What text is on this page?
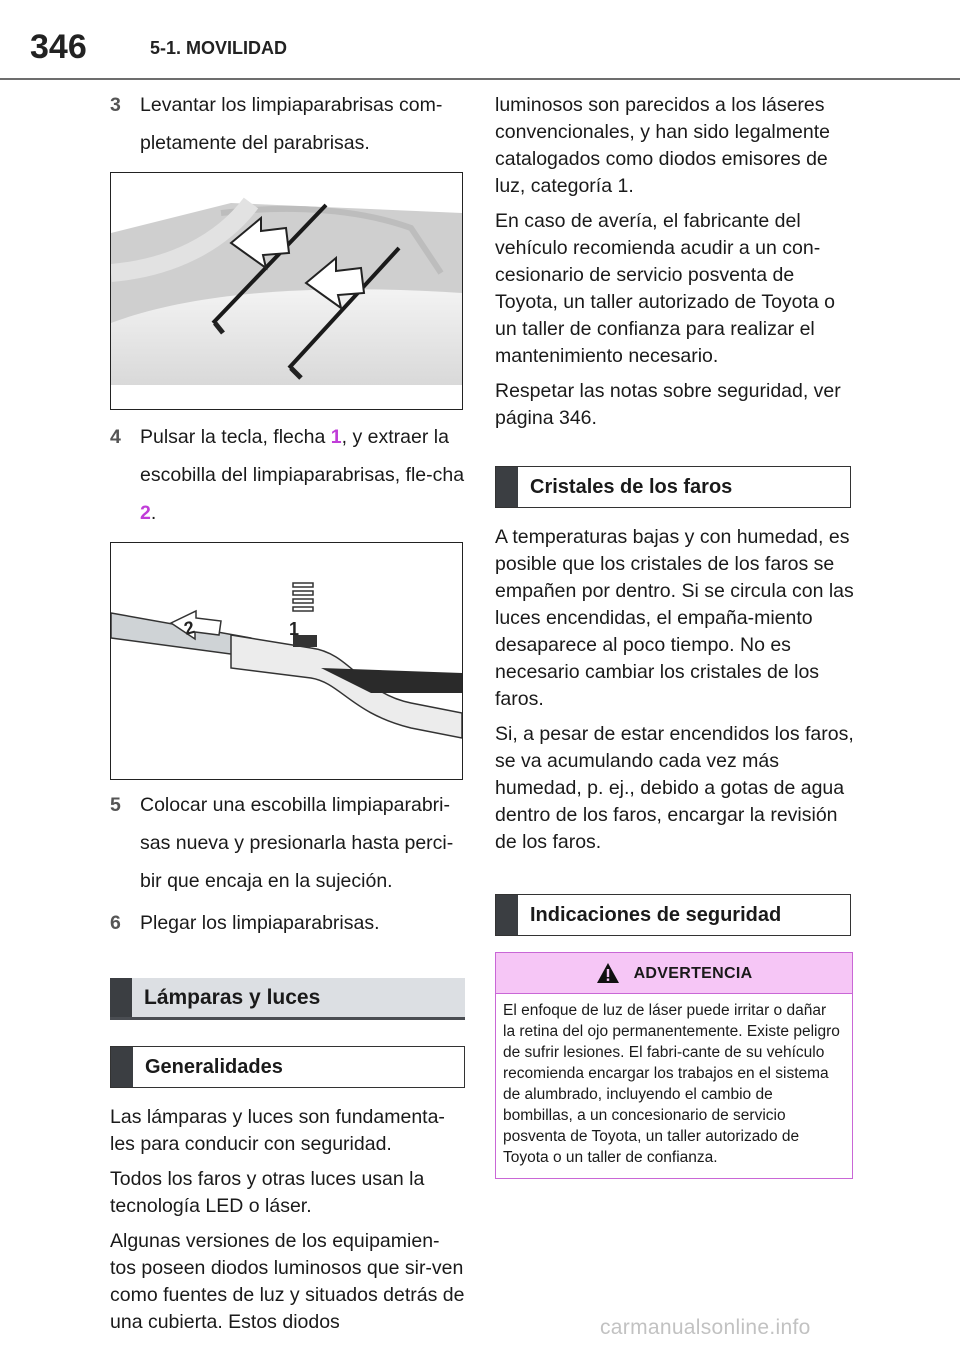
346	5-1. MOVILIDAD
3 Levantar los limpiaparabrisas com-pletamente del parabrisas.
4 Pulsar la tecla, flecha 1, y extraer la escobilla del limpiaparabrisas, fle-cha 2.
1
2
5 Colocar una escobilla limpiaparabri-sas nueva y presionarla hasta perci-bir que encaja en la sujeción.
6 Plegar los limpiaparabrisas.
Lámparas y luces
Generalidades

Las lámparas y luces son fundamenta-les para conducir con seguridad.

Todos los faros y otras luces usan la tecnología LED o láser.

Algunas versiones de los equipamien-tos poseen diodos luminosos que sir-ven como fuentes de luz y situados detrás de una cubierta. Estos diodos

luminosos son parecidos a los láseres convencionales, y han sido legalmente catalogados como diodos emisores de luz, categoría 1.

En caso de avería, el fabricante del vehículo recomienda acudir a un con-cesionario de servicio posventa de Toyota, un taller autorizado de Toyota o un taller de confianza para realizar el mantenimiento necesario.

Respetar las notas sobre seguridad, ver página 346.

Cristales de los faros

A temperaturas bajas y con humedad, es posible que los cristales de los faros se empañen por dentro. Si se circula con las luces encendidas, el empaña-miento desaparece al poco tiempo. No es necesario cambiar los cristales de los faros.

Si, a pesar de estar encendidos los faros, se va acumulando cada vez más humedad, p. ej., debido a gotas de agua dentro de los faros, encargar la revisión de los faros.

Indicaciones de seguridad
ADVERTENCIA
El enfoque de luz de láser puede irritar o dañar la retina del ojo permanentemente. Existe peligro de sufrir lesiones. El fabri-cante de su vehículo recomienda encargar los trabajos en el sistema de alumbrado, incluyendo el cambio de bombillas, a un concesionario de servicio posventa de Toyota, un taller autorizado de Toyota o un taller de confianza.
carmanualsonline.info
